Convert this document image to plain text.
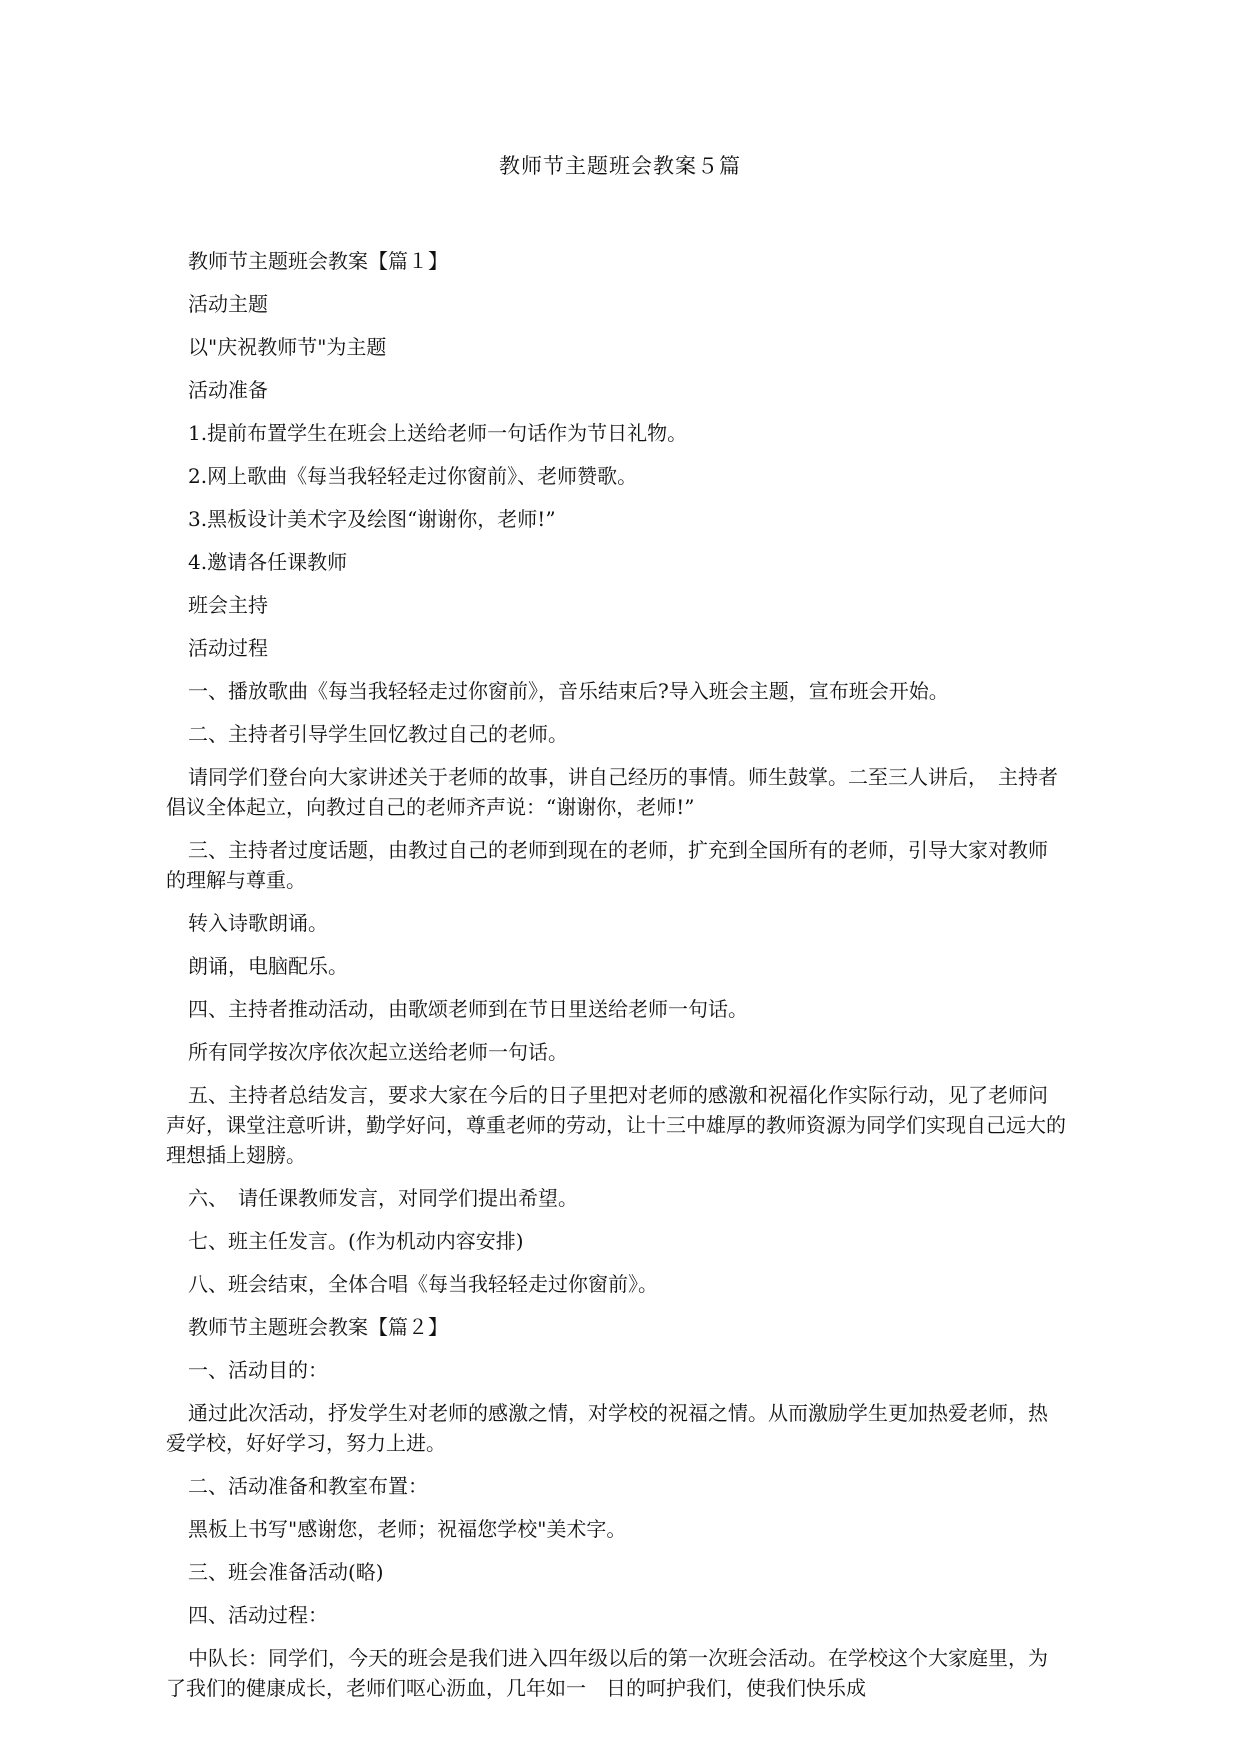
教师节主题班会教案５篇

教师节主题班会教案【篇１】

活动主题

以"庆祝教师节"为主题

活动准备

1.提前布置学生在班会上送给老师一句话作为节日礼物。

2.网上歌曲《每当我轻轻走过你窗前》、老师赞歌。

3.黑板设计美术字及绘图“谢谢你，老师!”

4.邀请各任课教师

班会主持

活动过程

一、播放歌曲《每当我轻轻走过你窗前》，音乐结束后?导入班会主题，宣布班会开始。

二、主持者引导学生回忆教过自己的老师。

请同学们登台向大家讲述关于老师的故事，讲自己经历的事情。师生鼓掌。二至三人讲后，　主持者倡议全体起立，向教过自己的老师齐声说：“谢谢你，老师!”

三、主持者过度话题，由教过自己的老师到现在的老师，扩充到全国所有的老师，引导大家对教师的理解与尊重。

转入诗歌朗诵。

朗诵，电脑配乐。

四、主持者推动活动，由歌颂老师到在节日里送给老师一句话。

所有同学按次序依次起立送给老师一句话。

五、主持者总结发言，要求大家在今后的日子里把对老师的感激和祝福化作实际行动，见了老师问声好，课堂注意听讲，勤学好问，尊重老师的劳动，让十三中雄厚的教师资源为同学们实现自己远大的理想插上翅膀。

六、　请任课教师发言，对同学们提出希望。

七、班主任发言。(作为机动内容安排)

八、班会结束，全体合唱《每当我轻轻走过你窗前》。

教师节主题班会教案【篇２】

一、活动目的：

通过此次活动，抒发学生对老师的感激之情，对学校的祝福之情。从而激励学生更加热爱老师，热爱学校，好好学习，努力上进。

二、活动准备和教室布置：

黑板上书写"感谢您，老师；祝福您学校"美术字。

三、班会准备活动(略)

四、活动过程：

中队长：同学们，今天的班会是我们进入四年级以后的第一次班会活动。在学校这个大家庭里，为了我们的健康成长，老师们呕心沥血，几年如一　日的呵护我们，使我们快乐成
